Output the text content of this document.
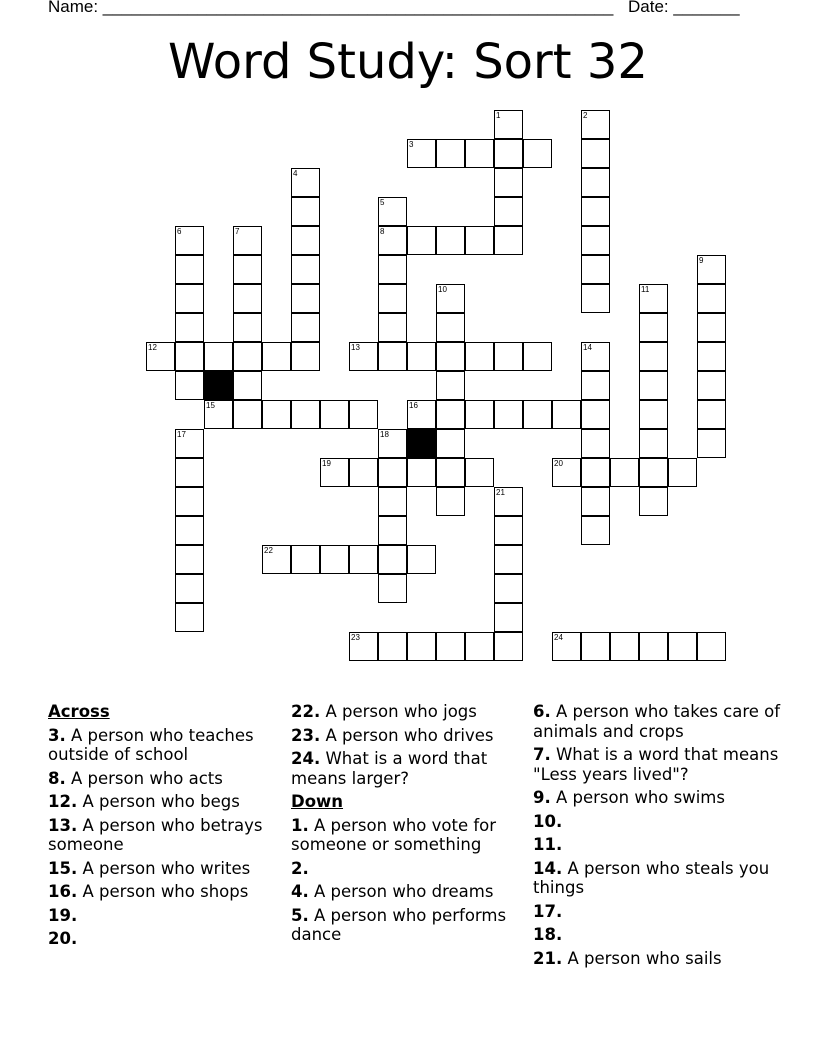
Name: ______________________________________________________ Date: _______
Word Study: Sort 32
1	2
3
4
5
8
6	7
9
10	11
12	13	14
15	16
17	18
19	20
21
22
23	24
Across
3. A person who teaches outside of school
8. A person who acts
12. A person who begs
13. A person who betrays someone
15. A person who writes
16. A person who shops
19.
20.
22. A person who jogs
23. A person who drives
24. What is a word that means larger?
Down
1. A person who vote for someone or something
2.
4. A person who dreams
5. A person who performs dance
6. A person who takes care of animals and crops
7. What is a word that means "Less years lived"?
9. A person who swims
10.
11.
14. A person who steals you things
17.
18.
21. A person who sails
